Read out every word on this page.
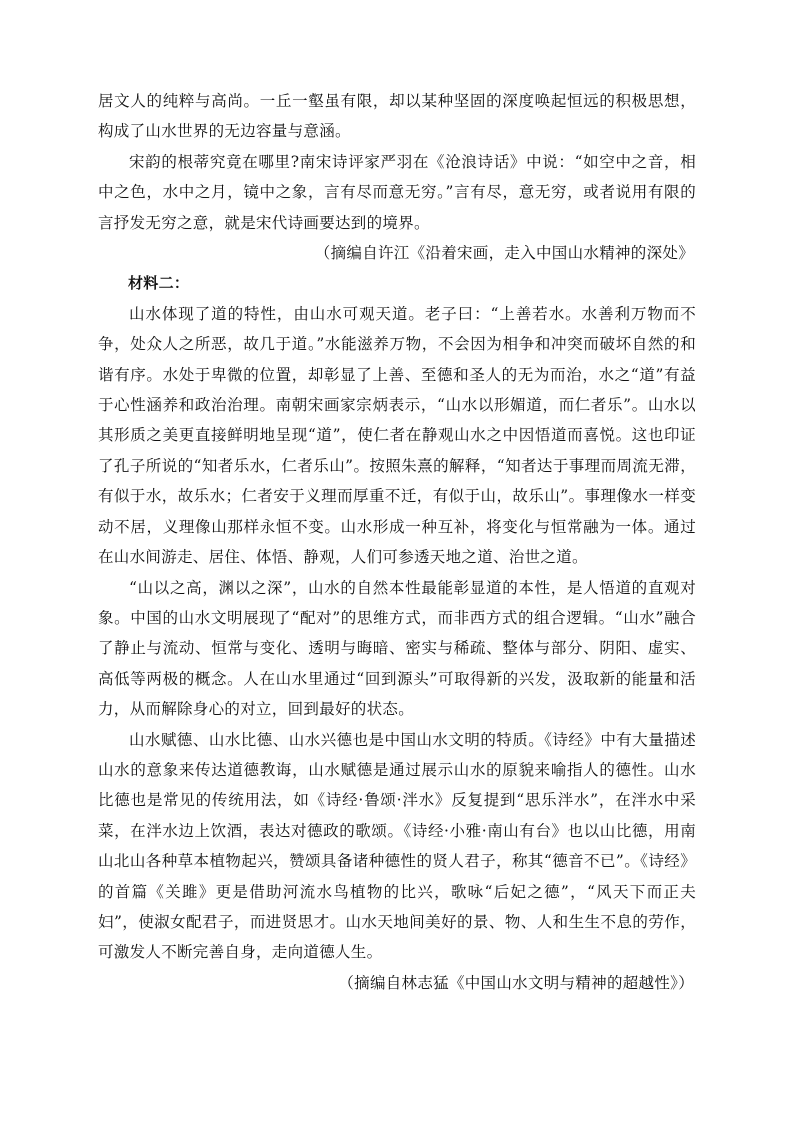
居文人的纯粹与高尚。一丘一壑虽有限，却以某种坚固的深度唤起恒远的积极思想，构成了山水世界的无边容量与意涵。

宋韵的根蒂究竟在哪里?南宋诗评家严羽在《沧浪诗话》中说：“如空中之音，相中之色，水中之月，镜中之象，言有尽而意无穷。”言有尽，意无穷，或者说用有限的言抒发无穷之意，就是宋代诗画要达到的境界。

（摘编自许江《沿着宋画，走入中国山水精神的深处》

材料二：

山水体现了道的特性，由山水可观天道。老子曰：“上善若水。水善利万物而不争，处众人之所恶，故几于道。”水能滋养万物，不会因为相争和冲突而破坏自然的和谐有序。水处于卑微的位置，却彰显了上善、至德和圣人的无为而治，水之“道”有益于心性涵养和政治治理。南朝宋画家宗炳表示，“山水以形媚道，而仁者乐”。山水以其形质之美更直接鲜明地呈现“道”，使仁者在静观山水之中因悟道而喜悦。这也印证了孔子所说的“知者乐水，仁者乐山”。按照朱熹的解释，“知者达于事理而周流无滞，有似于水，故乐水；仁者安于义理而厚重不迁，有似于山，故乐山”。事理像水一样变动不居，义理像山那样永恒不变。山水形成一种互补，将变化与恒常融为一体。通过在山水间游走、居住、体悟、静观，人们可参透天地之道、治世之道。

“山以之高，渊以之深”，山水的自然本性最能彰显道的本性，是人悟道的直观对象。中国的山水文明展现了“配对”的思维方式，而非西方式的组合逻辑。“山水”融合了静止与流动、恒常与变化、透明与晦暗、密实与稀疏、整体与部分、阴阳、虚实、高低等两极的概念。人在山水里通过“回到源头”可取得新的兴发，汲取新的能量和活力，从而解除身心的对立，回到最好的状态。

山水赋德、山水比德、山水兴德也是中国山水文明的特质。《诗经》中有大量描述山水的意象来传达道德教诲，山水赋德是通过展示山水的原貌来喻指人的德性。山水比德也是常见的传统用法，如《诗经·鲁颂·泮水》反复提到“思乐泮水”，在泮水中采菜，在泮水边上饮酒，表达对德政的歌颂。《诗经·小雅·南山有台》也以山比德，用南山北山各种草本植物起兴，赞颂具备诸种德性的贤人君子，称其“德音不已”。《诗经》的首篇《关雎》更是借助河流水鸟植物的比兴，歌咏“后妃之德”，“风天下而正夫妇”，使淑女配君子，而进贤思才。山水天地间美好的景、物、人和生生不息的劳作，可激发人不断完善自身，走向道德人生。

（摘编自林志猛《中国山水文明与精神的超越性》）
